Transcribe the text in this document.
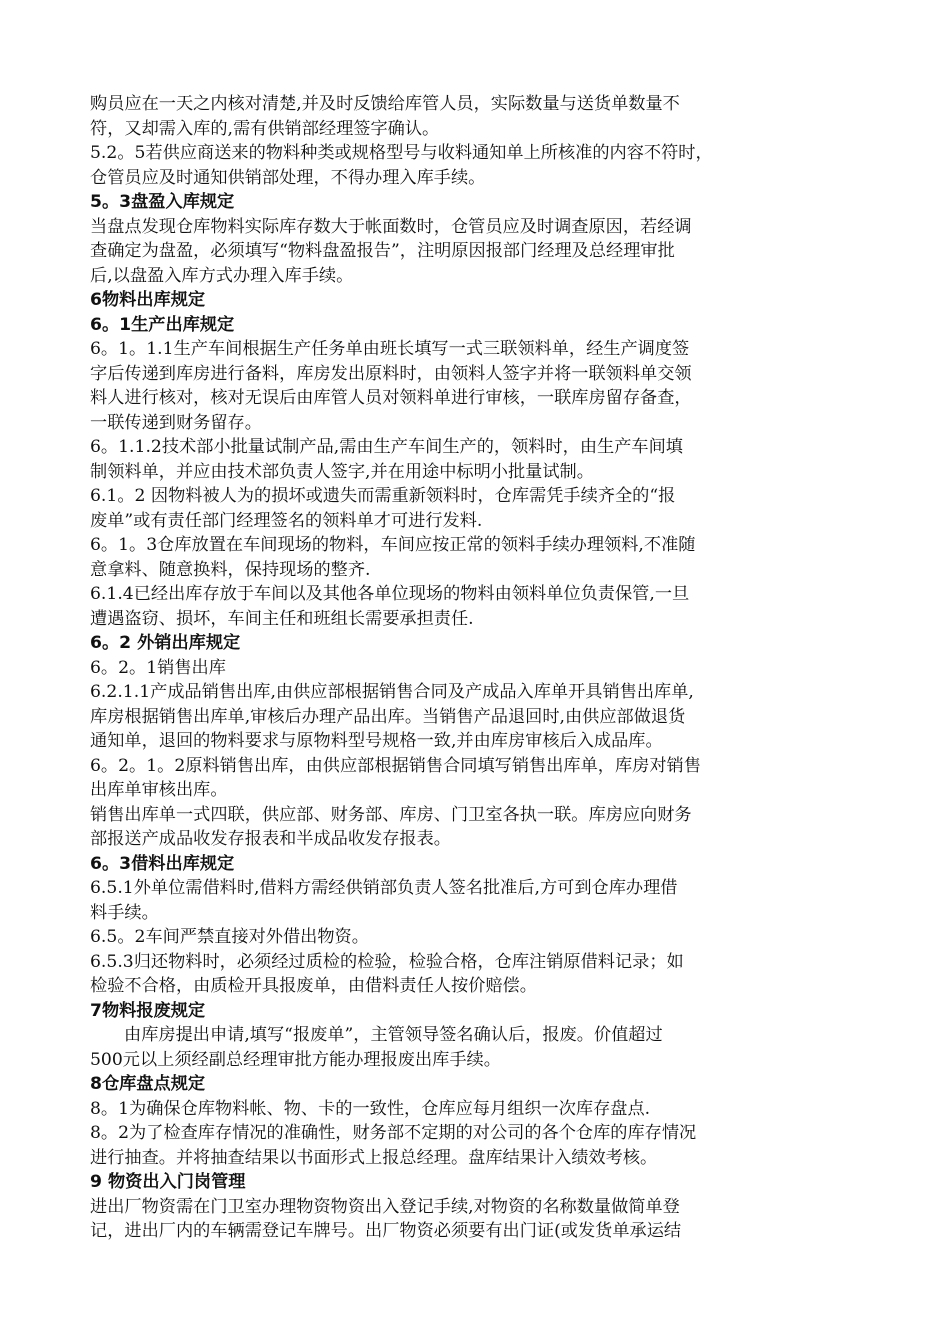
购员应在一天之内核对清楚,并及时反馈给库管人员，实际数量与送货单数量不

符，又却需入库的,需有供销部经理签字确认。

5.2。5若供应商送来的物料种类或规格型号与收料通知单上所核准的内容不符时，

仓管员应及时通知供销部处理，不得办理入库手续。

5。3盘盈入库规定

当盘点发现仓库物料实际库存数大于帐面数时，仓管员应及时调查原因，若经调

查确定为盘盈，必须填写“物料盘盈报告”，注明原因报部门经理及总经理审批

后,以盘盈入库方式办理入库手续。

6物料出库规定

6。1生产出库规定

6。1。1.1生产车间根据生产任务单由班长填写一式三联领料单，经生产调度签

字后传递到库房进行备料，库房发出原料时，由领料人签字并将一联领料单交领

料人进行核对，核对无误后由库管人员对领料单进行审核，一联库房留存备查，

一联传递到财务留存。

6。1.1.2技术部小批量试制产品,需由生产车间生产的，领料时，由生产车间填

制领料单，并应由技术部负责人签字,并在用途中标明小批量试制。

6.1。2 因物料被人为的损坏或遗失而需重新领料时，仓库需凭手续齐全的“报

废单”或有责任部门经理签名的领料单才可进行发料.

6。1。3仓库放置在车间现场的物料，车间应按正常的领料手续办理领料,不准随

意拿料、随意换料，保持现场的整齐.

6.1.4已经出库存放于车间以及其他各单位现场的物料由领料单位负责保管,一旦

遭遇盗窃、损坏，车间主任和班组长需要承担责任.

6。2 外销出库规定

6。2。1销售出库

6.2.1.1产成品销售出库,由供应部根据销售合同及产成品入库单开具销售出库单,

库房根据销售出库单,审核后办理产品出库。当销售产品退回时,由供应部做退货

通知单，退回的物料要求与原物料型号规格一致,并由库房审核后入成品库。

6。2。1。2原料销售出库，由供应部根据销售合同填写销售出库单，库房对销售

出库单审核出库。

销售出库单一式四联，供应部、财务部、库房、门卫室各执一联。库房应向财务

部报送产成品收发存报表和半成品收发存报表。

6。3借料出库规定

6.5.1外单位需借料时,借料方需经供销部负责人签名批准后,方可到仓库办理借

料手续。

6.5。2车间严禁直接对外借出物资。

6.5.3归还物料时，必须经过质检的检验，检验合格，仓库注销原借料记录；如

检验不合格，由质检开具报废单，由借料责任人按价赔偿。

7物料报废规定

由库房提出申请,填写“报废单”，主管领导签名确认后，报废。价值超过

500元以上须经副总经理审批方能办理报废出库手续。

8仓库盘点规定

8。1为确保仓库物料帐、物、卡的一致性，仓库应每月组织一次库存盘点.

8。2为了检查库存情况的准确性，财务部不定期的对公司的各个仓库的库存情况

进行抽查。并将抽查结果以书面形式上报总经理。盘库结果计入绩效考核。

9 物资出入门岗管理

进出厂物资需在门卫室办理物资物资出入登记手续,对物资的名称数量做简单登

记，进出厂内的车辆需登记车牌号。出厂物资必须要有出门证(或发货单承运结
